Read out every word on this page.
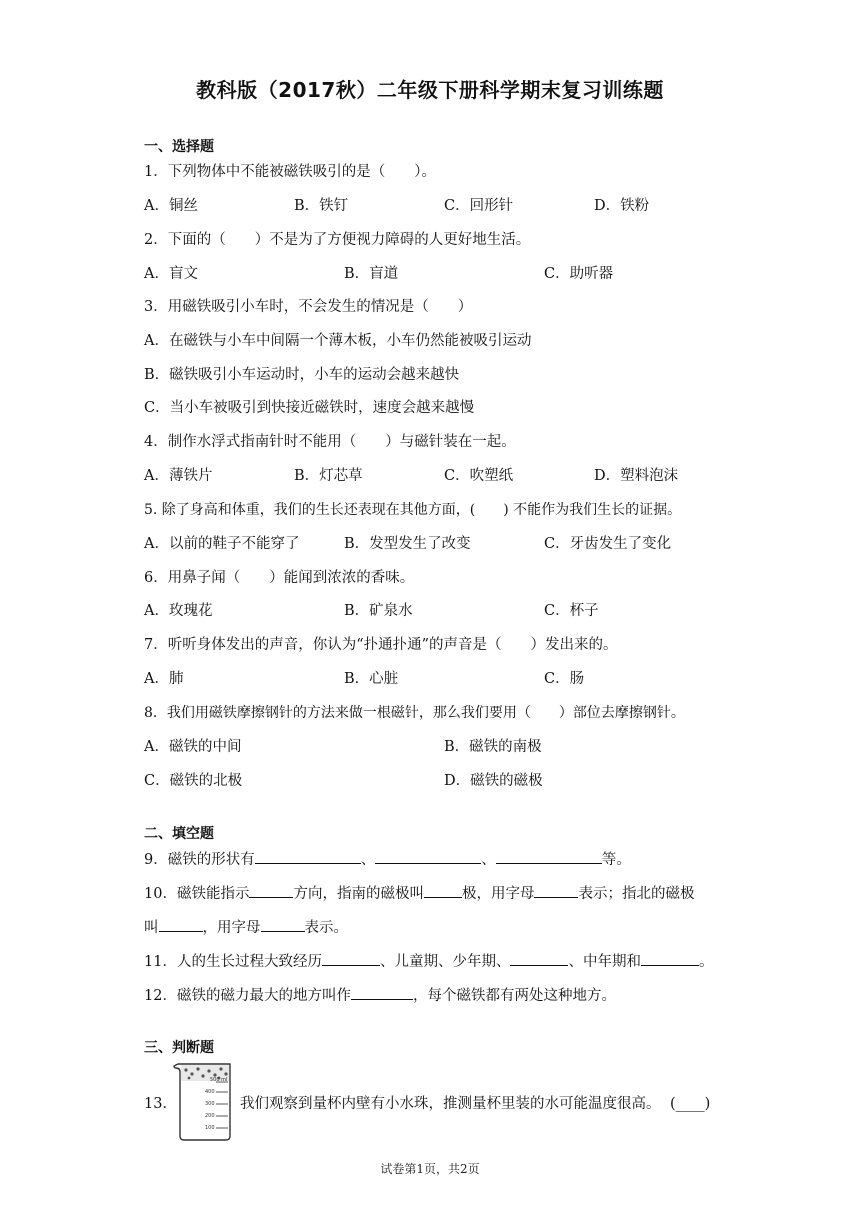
教科版（2017秋）二年级下册科学期末复习训练题
一、选择题
1．下列物体中不能被磁铁吸引的是（　　）。
A．铜丝	B．铁钉	C．回形针	D．铁粉
2．下面的（　　）不是为了方便视力障碍的人更好地生活。
A．盲文	B．盲道	C．助听器
3．用磁铁吸引小车时，不会发生的情况是（　　）
A．在磁铁与小车中间隔一个薄木板，小车仍然能被吸引运动
B．磁铁吸引小车运动时，小车的运动会越来越快
C．当小车被吸引到快接近磁铁时，速度会越来越慢
4．制作水浮式指南针时不能用（　　）与磁针装在一起。
A．薄铁片	B．灯芯草	C．吹塑纸	D．塑料泡沫
5. 除了身高和体重，我们的生长还表现在其他方面，(　　) 不能作为我们生长的证据。
A．以前的鞋子不能穿了	B．发型发生了改变	C．牙齿发生了变化
6．用鼻子闻（　　）能闻到浓浓的香味。
A．玫瑰花	B．矿泉水	C．杯子
7．听听身体发出的声音，你认为“扑通扑通”的声音是（　　）发出来的。
A．肺	B．心脏	C．肠
8．我们用磁铁摩擦钢针的方法来做一根磁针，那么我们要用（　　）部位去摩擦钢针。
A．磁铁的中间	B．磁铁的南极
C．磁铁的北极	D．磁铁的磁极
二、填空题
9．磁铁的形状有	、	、	等。
10．磁铁能指示	方向，指南的磁极叫	极，用字母	表示；指北的磁极
叫	，用字母	表示。
11．人的生长过程大致经历	、儿童期、少年期、	、中年期和	。
12．磁铁的磁力最大的地方叫作	，每个磁铁都有两处这种地方。
三、判断题
13．
500 ml
400
300
200
100
我们观察到量杯内壁有小水珠，推测量杯里装的水可能温度很高。 (____)
试卷第1页，共2页
